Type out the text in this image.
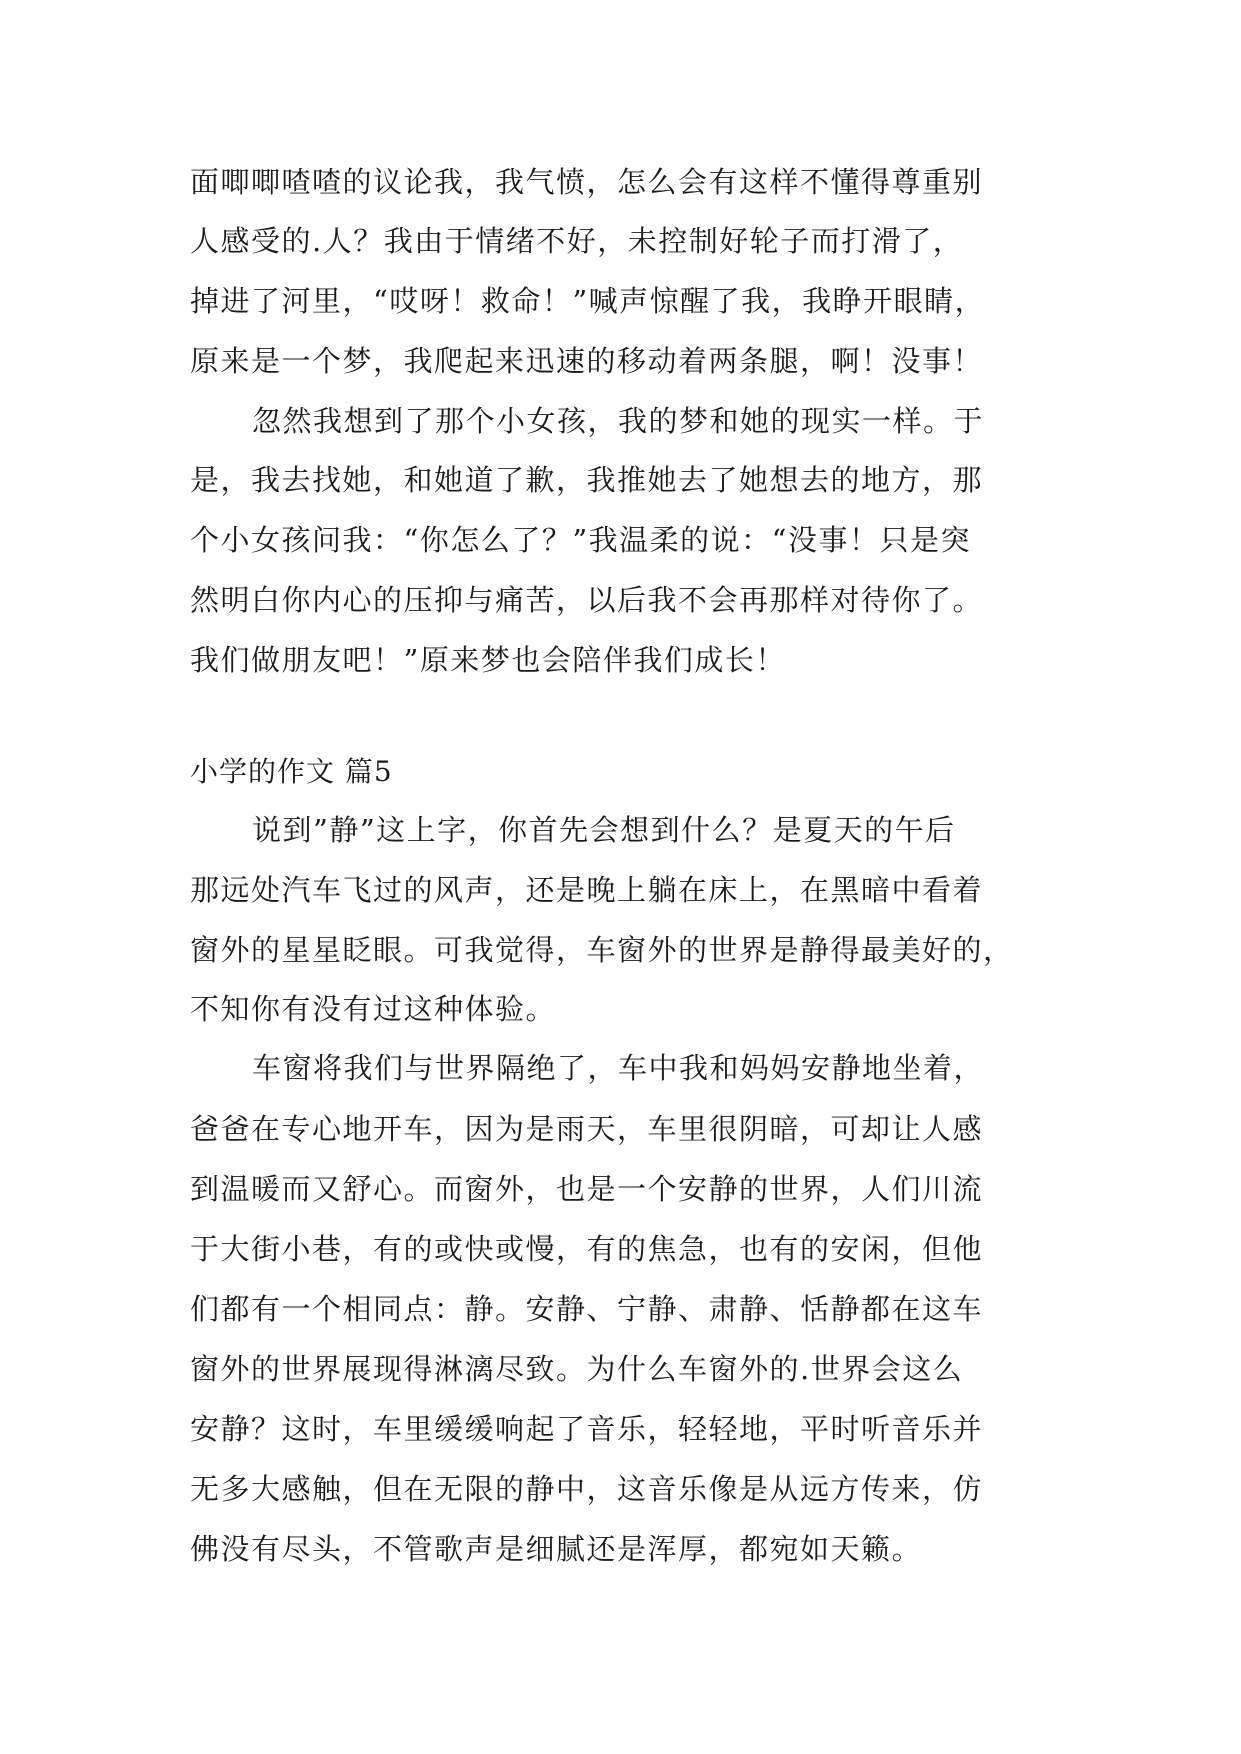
面唧唧喳喳的议论我，我气愤，怎么会有这样不懂得尊重别
人感受的.人？我由于情绪不好，未控制好轮子而打滑了，
掉进了河里，“哎呀！救命！”喊声惊醒了我，我睁开眼睛，
原来是一个梦，我爬起来迅速的移动着两条腿，啊！没事！
忽然我想到了那个小女孩，我的梦和她的现实一样。于
是，我去找她，和她道了歉，我推她去了她想去的地方，那
个小女孩问我：“你怎么了？”我温柔的说：“没事！只是突
然明白你内心的压抑与痛苦，以后我不会再那样对待你了。
我们做朋友吧！”原来梦也会陪伴我们成长！
小学的作文 篇5
说到”静”这上字，你首先会想到什么？是夏天的午后
那远处汽车飞过的风声，还是晚上躺在床上，在黑暗中看着
窗外的星星眨眼。可我觉得，车窗外的世界是静得最美好的，
不知你有没有过这种体验。
车窗将我们与世界隔绝了，车中我和妈妈安静地坐着，
爸爸在专心地开车，因为是雨天，车里很阴暗，可却让人感
到温暖而又舒心。而窗外，也是一个安静的世界，人们川流
于大街小巷，有的或快或慢，有的焦急，也有的安闲，但他
们都有一个相同点：静。安静、宁静、肃静、恬静都在这车
窗外的世界展现得淋漓尽致。为什么车窗外的.世界会这么
安静？这时，车里缓缓响起了音乐，轻轻地，平时听音乐并
无多大感触，但在无限的静中，这音乐像是从远方传来，仿
佛没有尽头，不管歌声是细腻还是浑厚，都宛如天籁。
